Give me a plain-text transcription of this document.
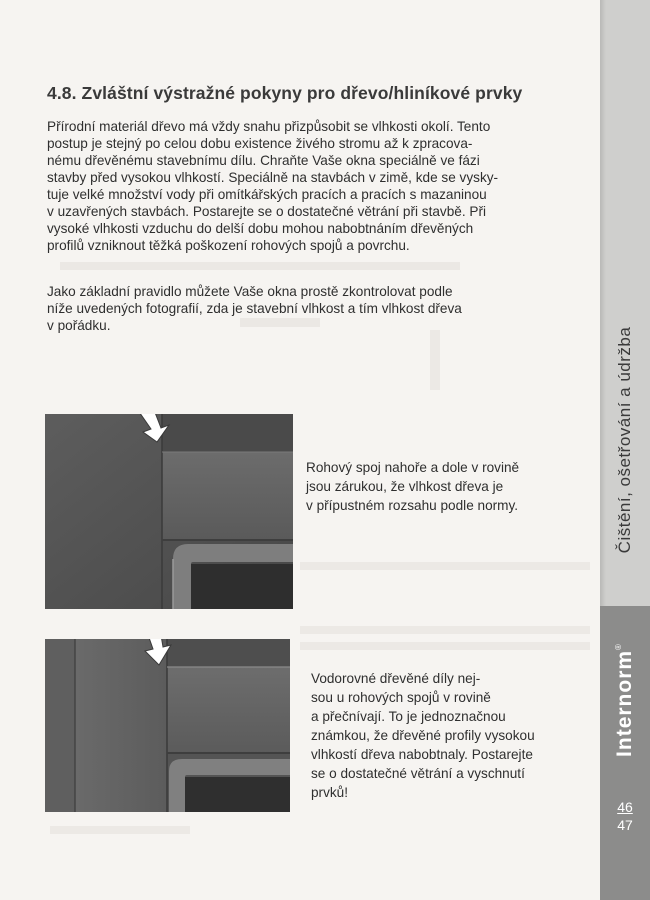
4.8. Zvláštní výstražné pokyny pro dřevo/hliníkové prvky
Přírodní materiál dřevo má vždy snahu přizpůsobit se vlhkosti okolí. Tento
postup je stejný po celou dobu existence živého stromu až k zpracova-
nému dřevěnému stavebnímu dílu. Chraňte Vaše okna speciálně ve fázi
stavby před vysokou vlhkostí. Speciálně na stavbách v zimě, kde se vysky-
tuje velké množství vody při omítkářských pracích a pracích s mazaninou
v uzavřených stavbách. Postarejte se o dostatečné větrání při stavbě. Při
vysoké vlhkosti vzduchu do delší dobu mohou nabobtnáním dřevěných
profilů vzniknout těžká poškození rohových spojů a povrchu.
Jako základní pravidlo můžete Vaše okna prostě zkontrolovat podle
níže uvedených fotografií, zda je stavební vlhkost a tím vlhkost dřeva
v pořádku.
Rohový spoj nahoře a dole v rovině
jsou zárukou, že vlhkost dřeva je
v přípustném rozsahu podle normy.
Vodorovné dřevěné díly nej-
sou u rohových spojů v rovině
a přečnívají. To je jednoznačnou
známkou, že dřevěné profily vysokou
vlhkostí dřeva nabobtnaly. Postarejte
se o dostatečné větrání a vyschnutí
prvků!
Čištění, ošetřování a údržba
Internorm®
46
47
